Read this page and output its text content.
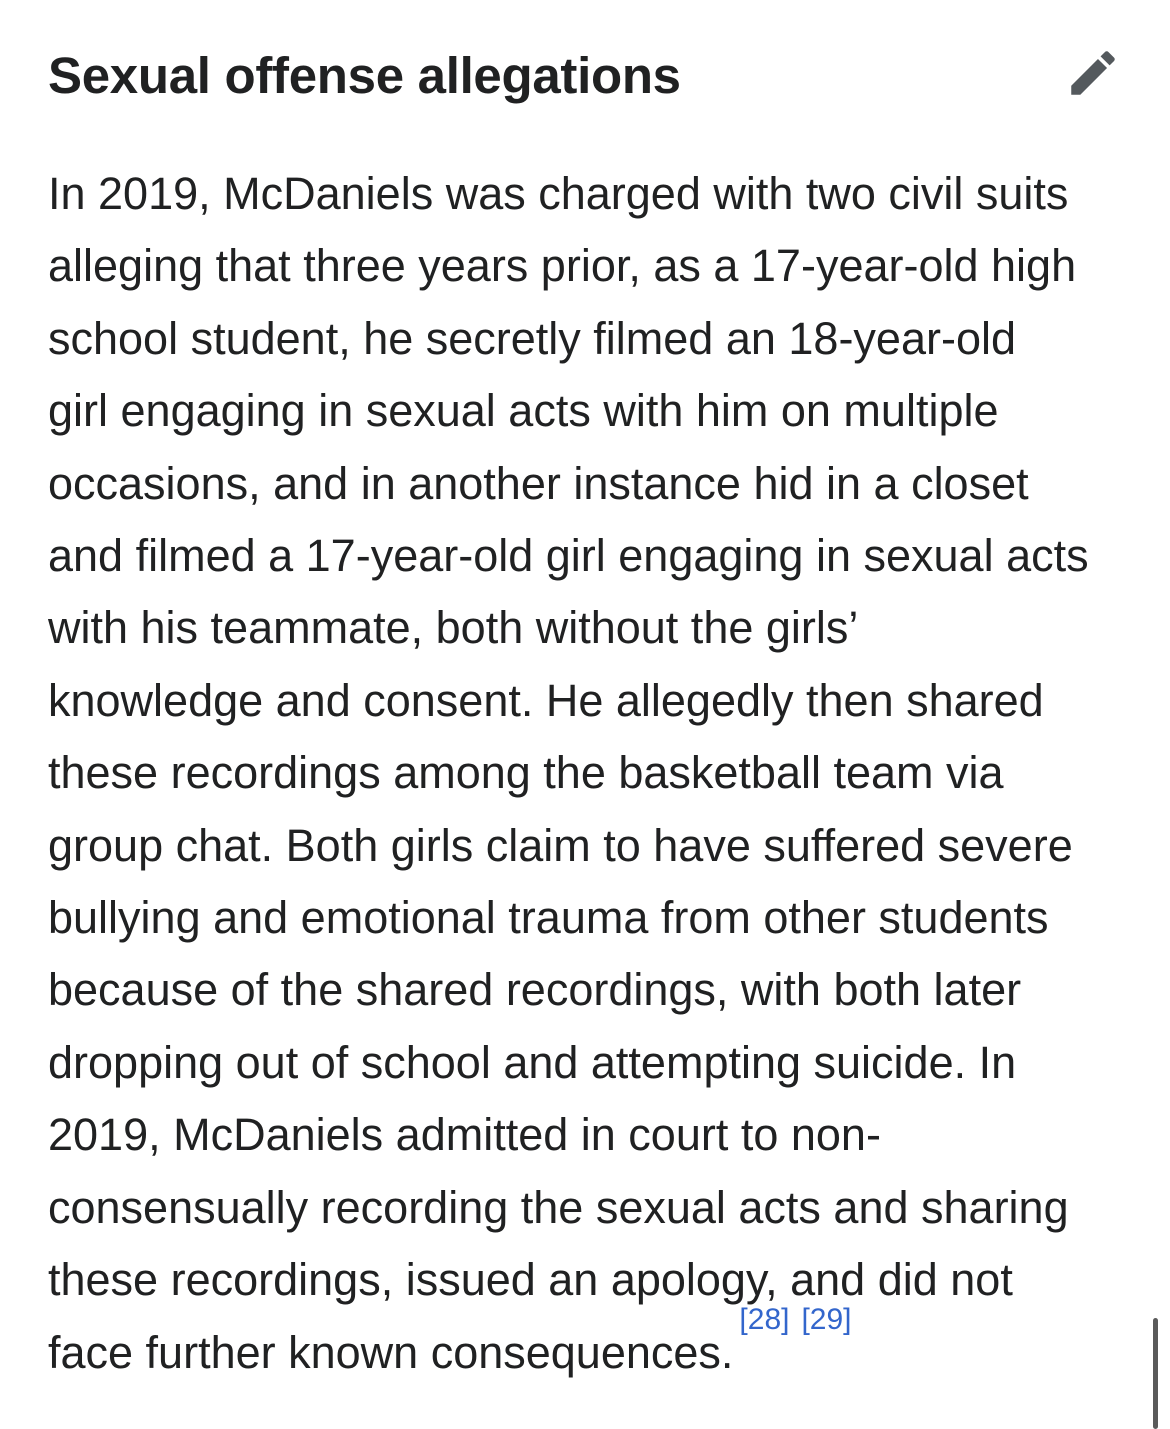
Sexual offense allegations
In 2019, McDaniels was charged with two civil suits
alleging that three years prior, as a 17-year-old high
school student, he secretly filmed an 18-year-old
girl engaging in sexual acts with him on multiple
occasions, and in another instance hid in a closet
and filmed a 17-year-old girl engaging in sexual acts
with his teammate, both without the girls’
knowledge and consent. He allegedly then shared
these recordings among the basketball team via
group chat. Both girls claim to have suffered severe
bullying and emotional trauma from other students
because of the shared recordings, with both later
dropping out of school and attempting suicide. In
2019, McDaniels admitted in court to non-
consensually recording the sexual acts and sharing
these recordings, issued an apology, and did not
face further known consequences.[28] [29]
